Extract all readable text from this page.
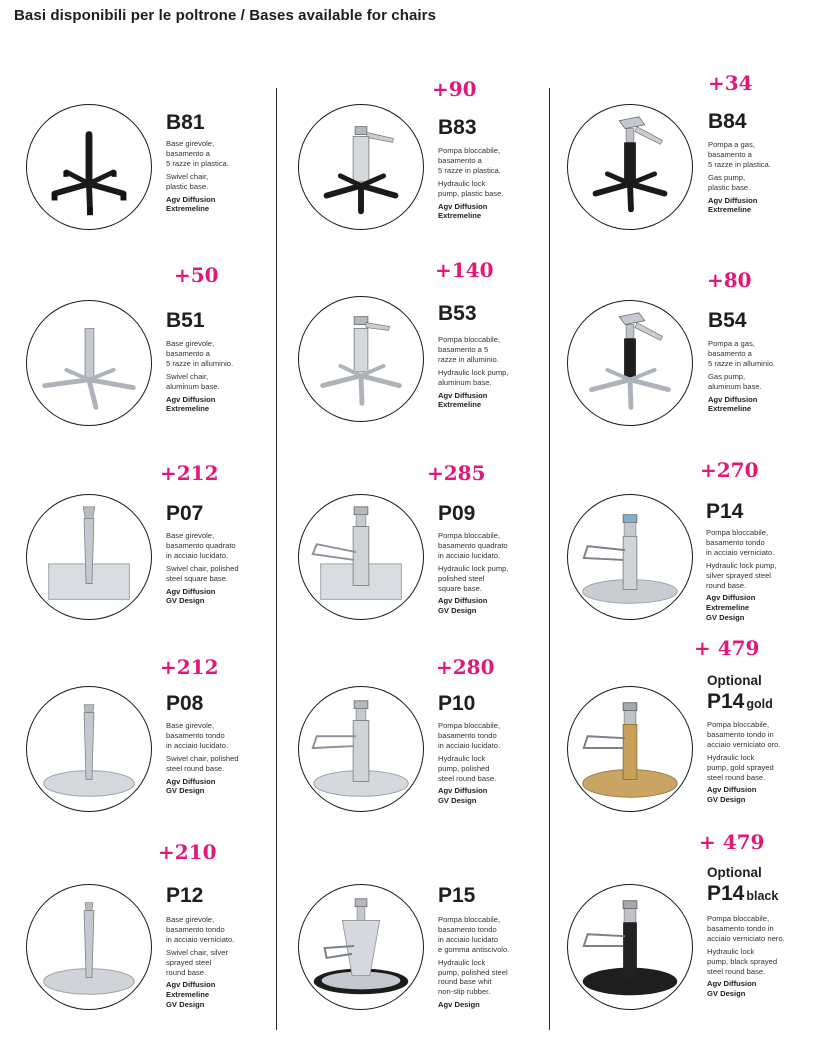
Basi disponibili per le poltrone / Bases available for chairs
B81
Base girevole,
basamento a
5 razze in plastica.
Swivel chair,
plastic base.
Agv Diffusion
Extremeline
+90
B83
Pompa bloccabile,
basamento a
5 razze in plastica.
Hydraulic lock
pump, plastic base.
Agv Diffusion
Extremeline
+34
B84
Pompa a gas,
basamento a
5 razze in plastica.
Gas pump,
plastic base.
Agv Diffusion
Extremeline
+50
B51
Base girevole,
basamento a
5 razze in alluminio.
Swivel chair,
aluminum base.
Agv Diffusion
Extremeline
+140
B53
Pompa bloccabile,
basamento a 5
razze in alluminio.
Hydraulic lock pump,
aluminum base.
Agv Diffusion
Extremeline
+80
B54
Pompa a gas,
basamento a
5 razze in alluminio.
Gas pump,
aluminum base.
Agv Diffusion
Extremeline
+212
P07
Base girevole,
basamento quadrato
in acciaio lucidato.
Swivel chair, polished
steel square base.
Agv Diffusion
GV Design
+285
P09
Pompa bloccabile,
basamento quadrato
in acciaio lucidato.
Hydraulic lock pump,
polished steel
square base.
Agv Diffusion
GV Design
+270
P14
Pompa bloccabile,
basamento tondo
in acciaio verniciato.
Hydraulic lock pump,
silver sprayed steel
round base.
Agv Diffusion
Extremeline
GV Design
+212
P08
Base girevole,
basamento tondo
in acciaio lucidato.
Swivel chair, polished
steel round base.
Agv Diffusion
GV Design
+280
P10
Pompa bloccabile,
basamento tondo
in acciaio lucidato.
Hydraulic lock
pump, polished
steel round base.
Agv Diffusion
GV Design
+ 479
Optional
P14 gold
Pompa bloccabile,
basamento tondo in
acciaio verniciato oro.
Hydraulic lock
pump, gold sprayed
steel round base.
Agv Diffusion
GV Design
+210
P12
Base girevole,
basamento tondo
in acciaio verniciato.
Swivel chair, silver
sprayed steel
round base.
Agv Diffusion
Extremeline
GV Design
P15
Pompa bloccabile,
basamento tondo
in acciaio lucidato
e gomma antiscivolo.
Hydraulic lock
pump, polished steel
round base whit
non-slip rubber.
Agv Design
+ 479
Optional
P14 black
Pompa bloccabile,
basamento tondo in
acciaio verniciato nero.
Hydraulic lock
pump, black sprayed
steel round base.
Agv Diffusion
GV Design
